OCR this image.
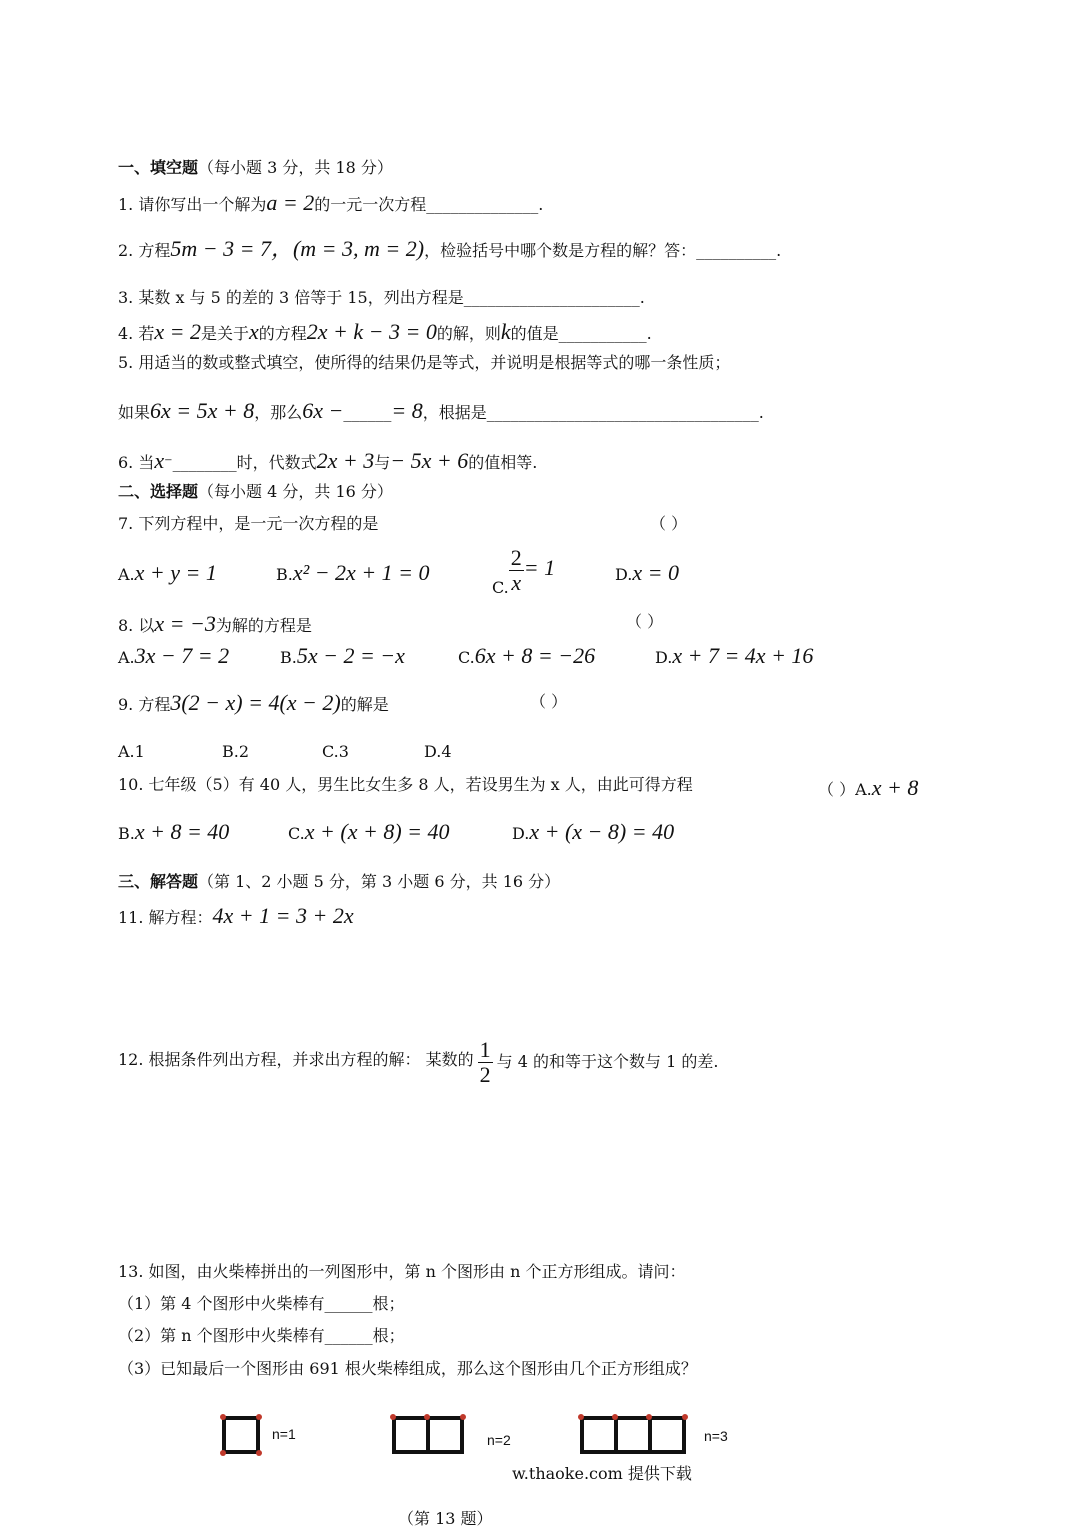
一、填空题（每小题 3 分，共 18 分）
1. 请你写出一个解为a = 2的一元一次方程______________.
2. 方程5m − 3 = 7，(m = 3, m = 2)，检验括号中哪个数是方程的解？答：__________.
3. 某数 x 与 5 的差的 3 倍等于 15，列出方程是______________________.
4. 若x = 2是关于x的方程2x + k − 3 = 0的解，则k的值是___________.
5. 用适当的数或整式填空，使所得的结果仍是等式，并说明是根据等式的哪一条性质；
如果6x = 5x + 8，那么6x −______= 8，根据是__________________________________.
6. 当x⁻________时，代数式2x + 3与− 5x + 6的值相等.
二、选择题（每小题 4 分，共 16 分）
7. 下列方程中，是一元一次方程的是	（ ）
A.x + y = 1	B.x² − 2x + 1 = 0
C. $\frac{2}{x} = 1$	D.x = 0
8. 以x = −3为解的方程是	（ ）
A.3x − 7 = 2	B.5x − 2 = −x	C.6x + 8 = −26	D.x + 7 = 4x + 16
9. 方程3(2 − x) = 4(x − 2)的解是	（ ）
A.1	B.2	C.3	D.4
10. 七年级（5）有 40 人，男生比女生多 8 人，若设男生为 x 人，由此可得方程	（ ）A.x + 8
B.x + 8 = 40	C.x + (x + 8) = 40	D.x + (x − 8) = 40
三、解答题（第 1、2 小题 5 分，第 3 小题 6 分，共 16 分）
11. 解方程：4x + 1 = 3 + 2x
12. 根据条件列出方程，并求出方程的解： 某数的 $\frac{1}{2}$ 与 4 的和等于这个数与 1 的差.
13. 如图，由火柴棒拼出的一列图形中，第 n 个图形由 n 个正方形组成。请问：
（1）第 4 个图形中火柴棒有______根；
（2）第 n 个图形中火柴棒有______根；
（3）已知最后一个图形由 691 根火柴棒组成，那么这个图形由几个正方形组成？
n=1	n=2	n=3
w.thaoke.com 提供下载
（第 13 题）
